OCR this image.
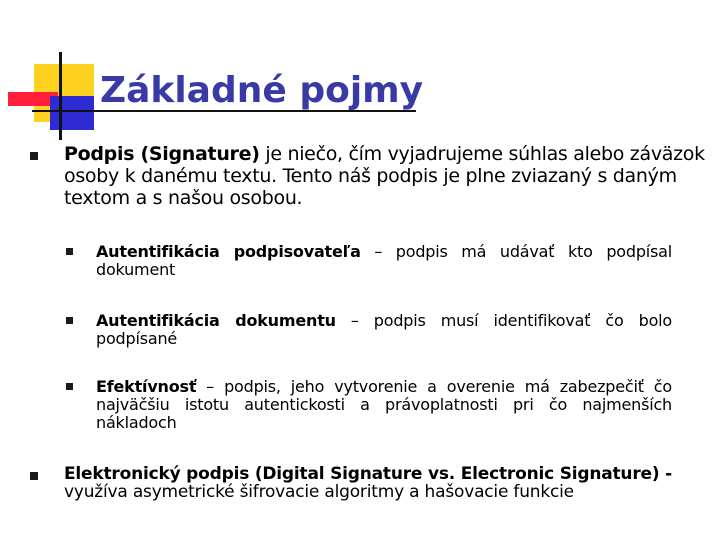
Základné pojmy

Podpis (Signature) je niečo, čím vyjadrujeme súhlas alebo záväzok osoby k danému textu. Tento náš podpis je plne zviazaný s daným textom a s našou osobou.

Autentifikácia podpisovateľa – podpis má udávať kto podpísal dokument

Autentifikácia dokumentu – podpis musí identifikovať čo bolo podpísané

Efektívnosť – podpis, jeho vytvorenie a overenie má zabezpečiť čo najväčšiu istotu autentickosti a právoplatnosti pri čo najmenších nákladoch

Elektronický podpis (Digital Signature vs. Electronic Signature) - využíva asymetrické šifrovacie algoritmy a hašovacie funkcie
